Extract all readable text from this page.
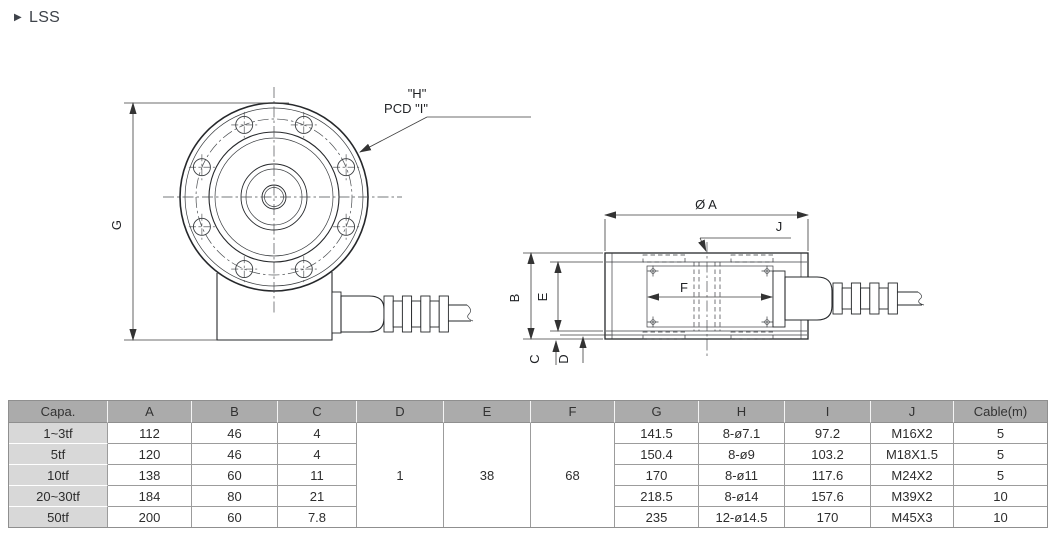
▶ LSS
G
"H"
PCD "I"
Ø A
J
B E
C D
F
Capa.	A	B	C	D	E	F	G	H	I	J	Cable(m)
1~3tf	112	46	4	1	38	68	141.5	8-ø7.1	97.2	M16X2	5
5tf	120	46	4				150.4	8-ø9	103.2	M18X1.5	5
10tf	138	60	11				170	8-ø11	117.6	M24X2	5
20~30tf	184	80	21				218.5	8-ø14	157.6	M39X2	10
50tf	200	60	7.8				235	12-ø14.5	170	M45X3	10
